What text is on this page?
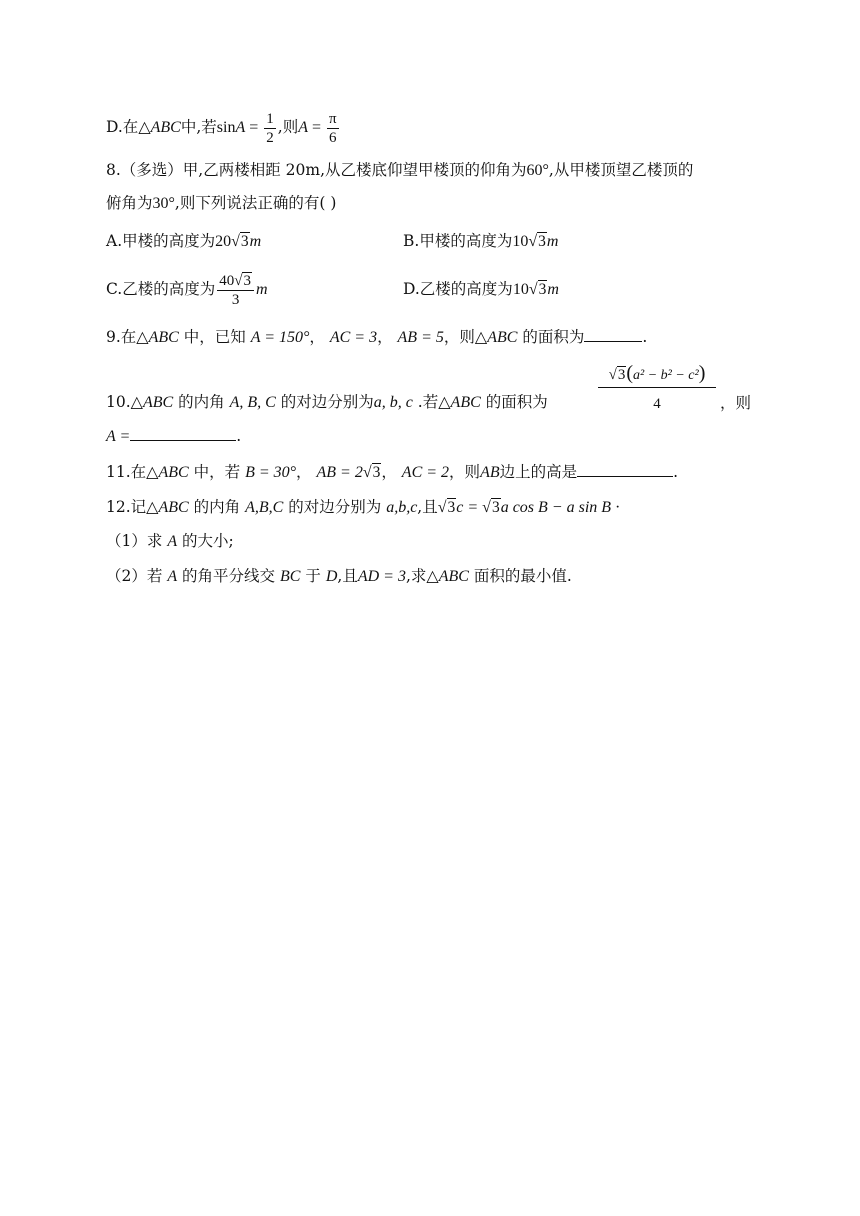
D.在△ABC中,若$\sin A = \frac{1}{2}$ ,则$A = \frac{\pi}{6}$
8.（多选）甲,乙两楼相距 20m,从乙楼底仰望甲楼顶的仰角为60°,从甲楼顶望乙楼顶的
俯角为30°,则下列说法正确的有( )
A.甲楼的高度为20√3m	B.甲楼的高度为10√3m
C.乙楼的高度为 $\frac{40√3}{3}$ m	D.乙楼的高度为10√3m
9.在△ABC 中，已知 A = 150°， AC = 3， AB = 5，则△ABC 的面积为	.
10.△ABC 的内角 A, B, C 的对边分别为a, b, c .若△ABC 的面积为	$\frac{\text{√3(a² − b² − c²)}}{4}$ ，则
A =	.
11.在△ABC 中，若 B = 30°， AB = 2√3， AC = 2，则AB边上的高是	.
12.记△ABC 的内角 A,B,C 的对边分别为 a,b,c,且√3c = √3a cos B − a sin B ·
（1）求 A 的大小;
（2）若 A 的角平分线交 BC 于 D,且AD = 3,求△ABC 面积的最小值.
